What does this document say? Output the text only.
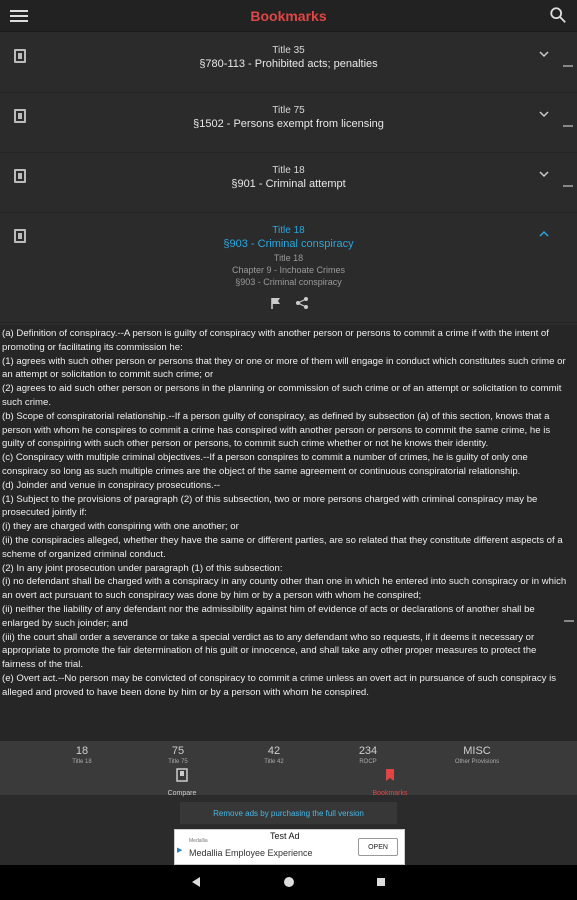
Bookmarks
Title 35
§780-113 - Prohibited acts; penalties
Title 75
§1502 - Persons exempt from licensing
Title 18
§901 - Criminal attempt
Title 18
§903 - Criminal conspiracy
Title 18
Chapter 9 - Inchoate Crimes
§903 - Criminal conspiracy

(a) Definition of conspiracy.--A person is guilty of conspiracy with another person or persons to commit a crime if with the intent of promoting or facilitating its commission he:

(1) agrees with such other person or persons that they or one or more of them will engage in conduct which constitutes such crime or an attempt or solicitation to commit such crime; or

(2) agrees to aid such other person or persons in the planning or commission of such crime or of an attempt or solicitation to commit such crime.

(b) Scope of conspiratorial relationship.--If a person guilty of conspiracy, as defined by subsection (a) of this section, knows that a person with whom he conspires to commit a crime has conspired with another person or persons to commit the same crime, he is guilty of conspiring with such other person or persons, to commit such crime whether or not he knows their identity.

(c) Conspiracy with multiple criminal objectives.--If a person conspires to commit a number of crimes, he is guilty of only one conspiracy so long as such multiple crimes are the object of the same agreement or continuous conspiratorial relationship.

(d) Joinder and venue in conspiracy prosecutions.--

(1) Subject to the provisions of paragraph (2) of this subsection, two or more persons charged with criminal conspiracy may be prosecuted jointly if:

(i) they are charged with conspiring with one another; or

(ii) the conspiracies alleged, whether they have the same or different parties, are so related that they constitute different aspects of a scheme of organized criminal conduct.

(2) In any joint prosecution under paragraph (1) of this subsection:

(i) no defendant shall be charged with a conspiracy in any county other than one in which he entered into such conspiracy or in which an overt act pursuant to such conspiracy was done by him or by a person with whom he conspired;

(ii) neither the liability of any defendant nor the admissibility against him of evidence of acts or declarations of another shall be enlarged by such joinder; and

(iii) the court shall order a severance or take a special verdict as to any defendant who so requests, if it deems it necessary or appropriate to promote the fair determination of his guilt or innocence, and shall take any other proper measures to protect the fairness of the trial.

(e) Overt act.--No person may be convicted of conspiracy to commit a crime unless an overt act in pursuance of such conspiracy is alleged and proved to have been done by him or by a person with whom he conspired.

18
Title 18
75
Title 75
42
Title 42
234
ROCP
MISC
Other Provisions
Compare	Bookmarks
Remove ads by purchasing the full version
Test Ad
▶
Medallia
Medallia Employee Experience
OPEN
